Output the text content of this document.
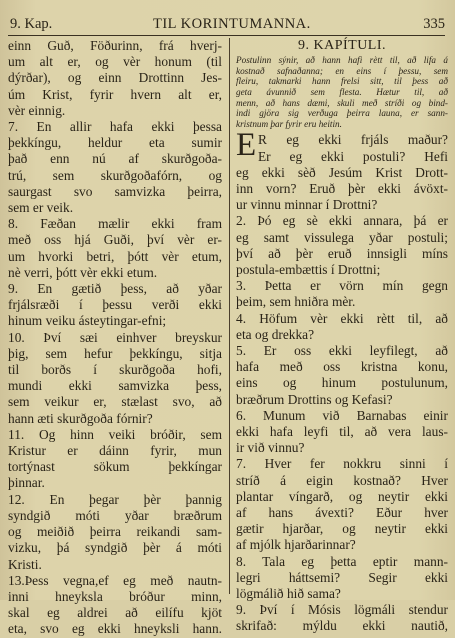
9. Kap.	TIL KORINTUMANNA.	335
einn Guð, Föðurinn, frá hverj-
um alt er, og vèr honum (til
dýrðar), og einn Drottinn Jes-
úm Krist, fyrir hvern alt er,
vèr einnig.
7. En allir hafa ekki þessa
þekkíngu, heldur eta sumir
það enn nú af skurðgoða-
trú, sem skurðgoðafórn, og
saurgast svo samvizka þeirra,
sem er veik.
8. Fæðan mælir ekki fram
með oss hjá Guði, því vèr er-
um hvorki betri, þótt vèr etum,
nè verri, þótt vèr ekki etum.
9. En gætið þess, að yðar
frjálsræði í þessu verði ekki
hinum veiku ásteytingar-efni;
10. Því sæi einhver breyskur
þig, sem hefur þekkíngu, sitja
til borðs í skurðgoða hofi,
mundi ekki samvizka þess,
sem veikur er, stælast svo, að
hann æti skurðgoða fórnir?
11. Og hinn veiki bróðir, sem
Kristur er dáinn fyrir, mun
tortýnast sökum þekkíngar
þinnar.
12. En þegar þèr þannig
syndgið móti yðar bræðrum
og meiðið þeirra reikandi sam-
vizku, þá syndgið þèr á móti
Kristi.
13.Þess vegna,ef eg með nautn-
inni hneyksla bróður minn,
skal eg aldrei að eilífu kjöt
eta, svo eg ekki hneyksli hann.
9. KAPÍTULI.
Postulinn sýnir, að hann hafi rètt til, að lifa á
kostnað safnaðanna; en eins í þessu, sem
fleiru, takmarki hann frelsi sitt, til þess að
geta ávunnið sem flesta. Hætur til, að
menn, að hans dæmi, skuli með stríði og bind-
indi gjöra sig verðuga þeirra launa, er sann-
kristnum þar fyrir eru heitin.
E R eg ekki frjáls maður?
Er eg ekki postuli? Hefi
eg ekki sèð Jesúm Krist Drott-
inn vorn? Eruð þèr ekki ávöxt-
ur vinnu minnar í Drottni?
2. Þó eg sè ekki annara, þá er
eg samt vissulega yðar postuli;
því að þèr eruð innsigli míns
postula-embættis í Drottni;
3. Þetta er vörn mín gegn
þeim, sem hniðra mèr.
4. Höfum vèr ekki rètt til, að
eta og drekka?
5. Er oss ekki leyfilegt, að
hafa með oss kristna konu,
eins og hinum postulunum,
bræðrum Drottins og Kefasi?
6. Munum við Barnabas einir
ekki hafa leyfi til, að vera laus-
ir við vinnu?
7. Hver fer nokkru sinni í
stríð á eigin kostnað? Hver
plantar víngarð, og neytir ekki
af hans ávexti? Eður hver
gætir hjarðar, og neytir ekki
af mjólk hjarðarinnar?
8. Tala eg þetta eptir mann-
legri háttsemi? Segir ekki
lögmálið hið sama?
9. Því í Mósis lögmáli stendur
skrifað: mýldu ekki nautið,
